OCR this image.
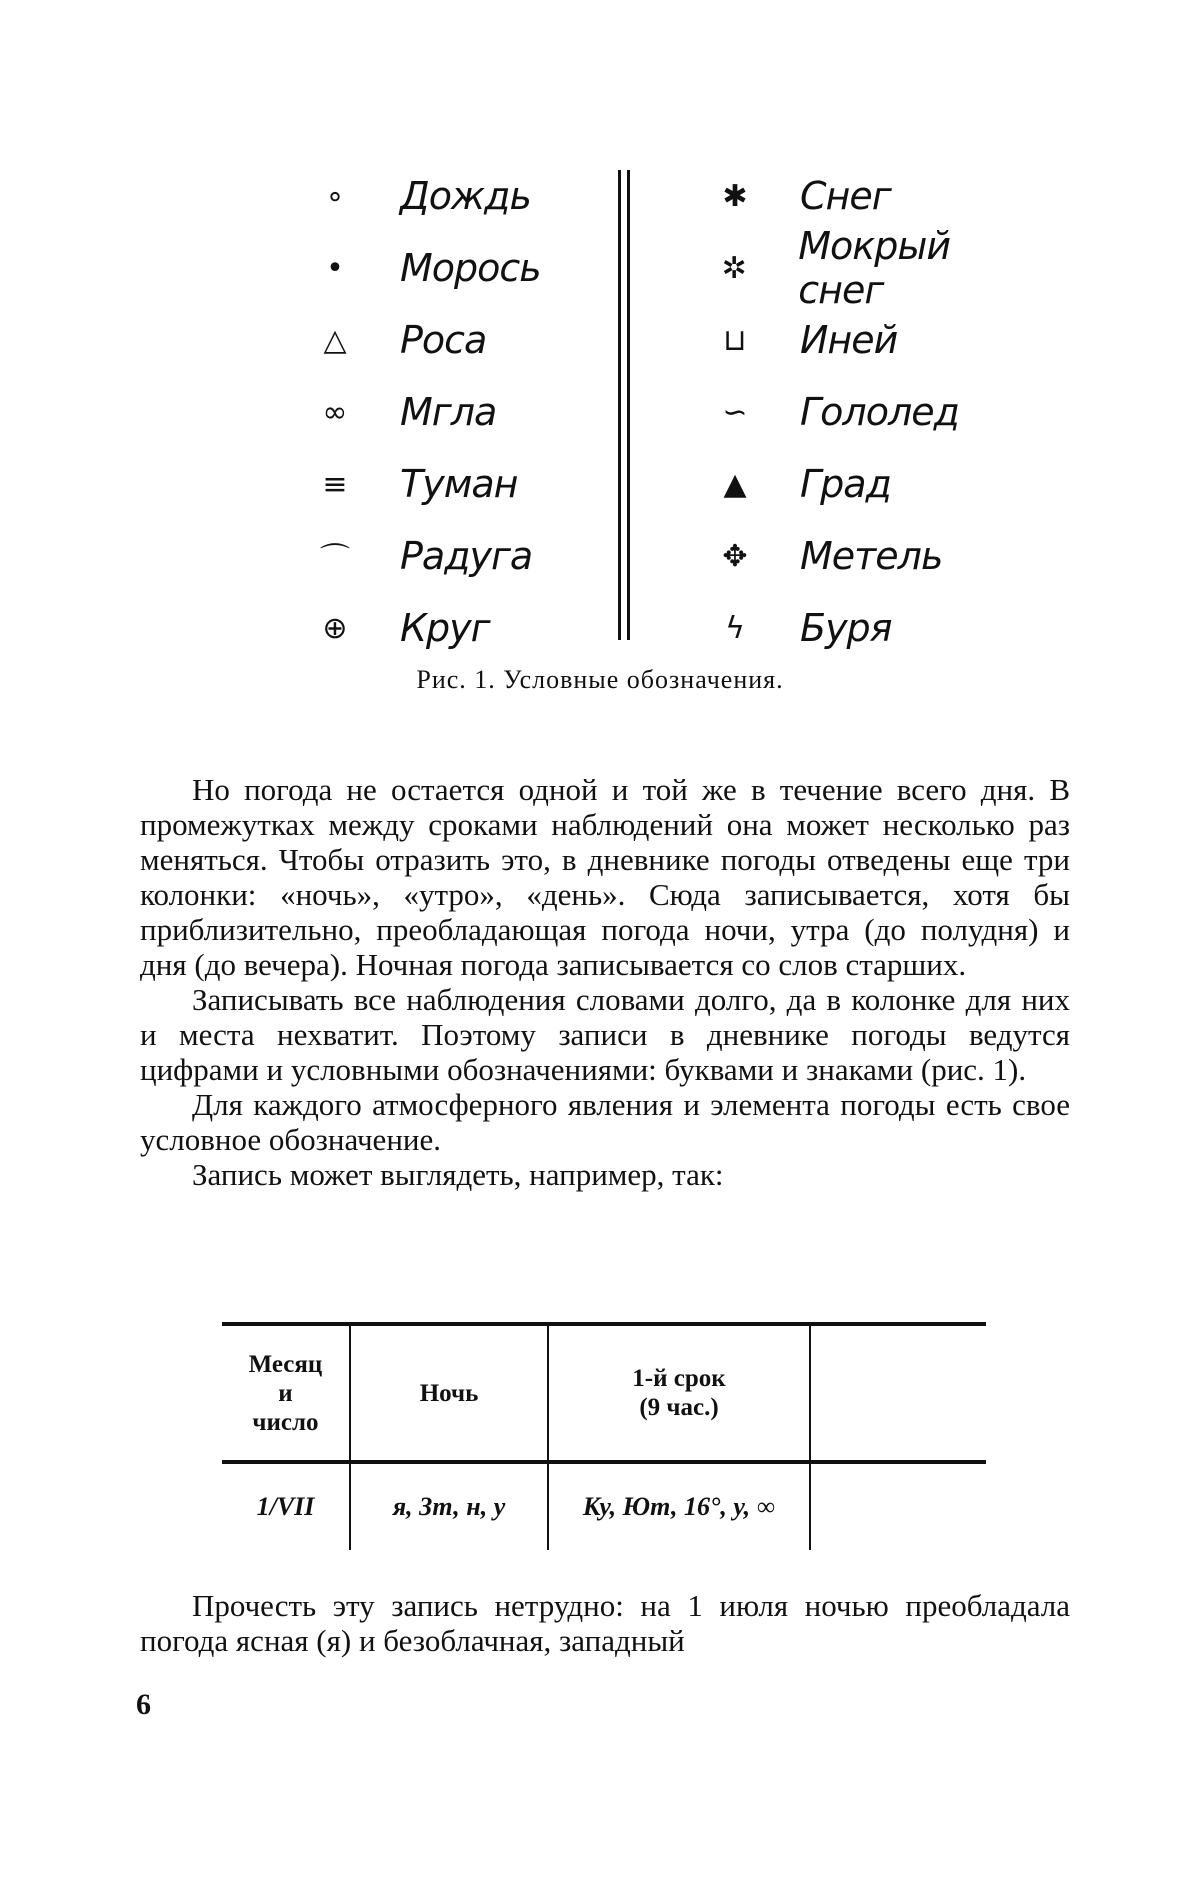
∘	Дождь
•	Морось
△	Роса
∞	Мгла
≡	Туман
⌒	Радуга
⊕	Круг
✱	Снег
✲	Мокрый снег
⊔	Иней
∽	Гололед
▲	Град
✥	Метель
ϟ	Буря
Рис. 1. Условные обозначения.

Но погода не остается одной и той же в течение всего дня. В промежутках между сроками наблюдений она может несколько раз меняться. Чтобы отразить это, в дневнике погоды отведены еще три колонки: «ночь», «утро», «день». Сюда записывается, хотя бы приблизительно, преобладающая погода ночи, утра (до полудня) и дня (до вечера). Ночная погода записывается со слов старших.

Записывать все наблюдения словами долго, да в колонке для них и места нехватит. Поэтому записи в дневнике погоды ведутся цифрами и условными обозначениями: буквами и знаками (рис. 1).

Для каждого атмосферного явления и элемента погоды есть свое условное обозначение.

Запись может выглядеть, например, так:

Месяц
и
число
	Ночь	
1-й срок
(9 час.)

1/VII	я, Зт, н, у	Ку, Ют, 16°, у, ∞	

Прочесть эту запись нетрудно: на 1 июля ночью преобладала погода ясная (я) и безоблачная, западный

6
